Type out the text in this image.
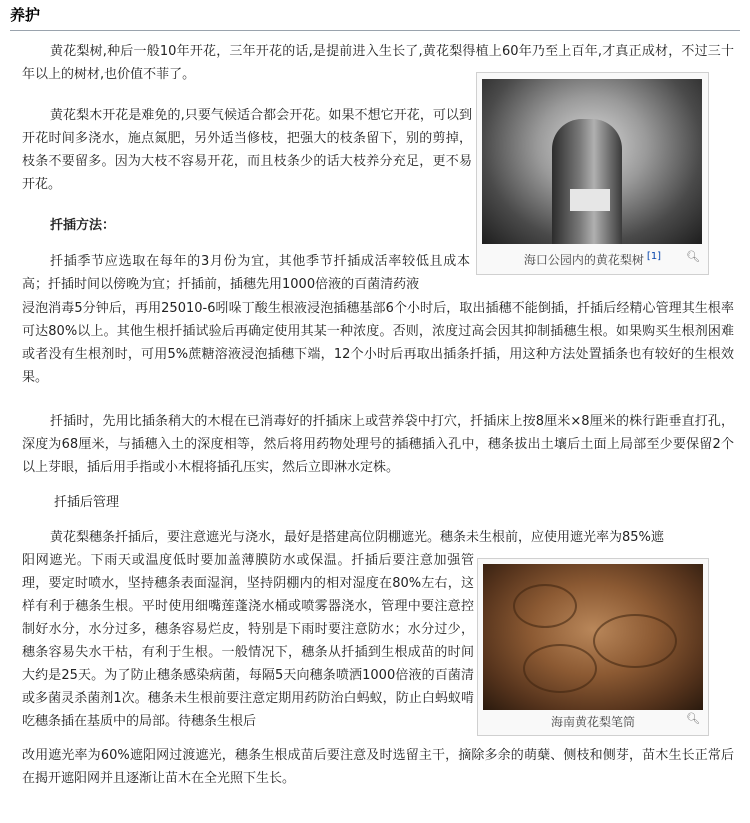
养护
黄花梨树,种后一般10年开花，三年开花的话,是提前进入生长了,黄花梨得植上60年乃至上百年,才真正成材，不过三十年以上的树材,也价值不菲了。
海口公园内的黄花梨树 [1]	🔍︎
黄花梨木开花是难免的,只要气候适合都会开花。如果不想它开花，可以到开花时间多浇水，施点氮肥，另外适当修枝，把强大的枝条留下，别的剪掉，枝条不要留多。因为大枝不容易开花，而且枝条少的话大枝养分充足，更不易开花。
扦插方法：
扦插季节应选取在每年的3月份为宜，其他季节扦插成活率较低且成本高；扦插时间以傍晚为宜；扦插前，插穗先用1000倍液的百菌清药液
浸泡消毒5分钟后，再用25010-6吲哚丁酸生根液浸泡插穗基部6个小时后，取出插穗不能倒插，扦插后经精心管理其生根率可达80%以上。其他生根扦插试验后再确定使用其某一种浓度。否则，浓度过高会因其抑制插穗生根。如果购买生根剂困难或者没有生根剂时，可用5%蔗糖溶液浸泡插穗下端，12个小时后再取出插条扦插，用这种方法处置插条也有较好的生根效果。
扦插时，先用比插条稍大的木棍在已消毒好的扦插床上或营养袋中打穴，扦插床上按8厘米×8厘米的株行距垂直打孔，深度为68厘米，与插穗入土的深度相等，然后将用药物处理号的插穗插入孔中，穗条拔出土壤后土面上局部至少要保留2个以上芽眼，插后用手指或小木棍将插孔压实，然后立即淋水定株。
扦插后管理
黄花梨穗条扦插后，要注意遮光与浇水，最好是搭建高位阴棚遮光。穗条未生根前，应使用遮光率为85%遮
阳网遮光。下雨天或温度低时要加盖薄膜防水或保温。扦插后要注意加强管理，要定时喷水，坚持穗条表面湿润，坚持阴棚内的相对湿度在80%左右，这样有利于穗条生根。平时使用细嘴莲蓬浇水桶或喷雾器浇水，管理中要注意控制好水分，水分过多，穗条容易烂皮，特别是下雨时要注意防水；水分过少，穗条容易失水干枯，有利于生根。一般情况下，穗条从扦插到生根成苗的时间大约是25天。为了防止穗条感染病菌，每隔5天向穗条喷洒1000倍液的百菌清或多菌灵杀菌剂1次。穗条未生根前要注意定期用药防治白蚂蚁，防止白蚂蚁啃吃穗条插在基质中的局部。待穗条生根后	海南黄花梨笔筒	🔍︎
改用遮光率为60%遮阳网过渡遮光，穗条生根成苗后要注意及时选留主干，摘除多余的萌蘖、侧枝和侧芽，苗木生长正常后在揭开遮阳网并且逐渐让苗木在全光照下生长。
